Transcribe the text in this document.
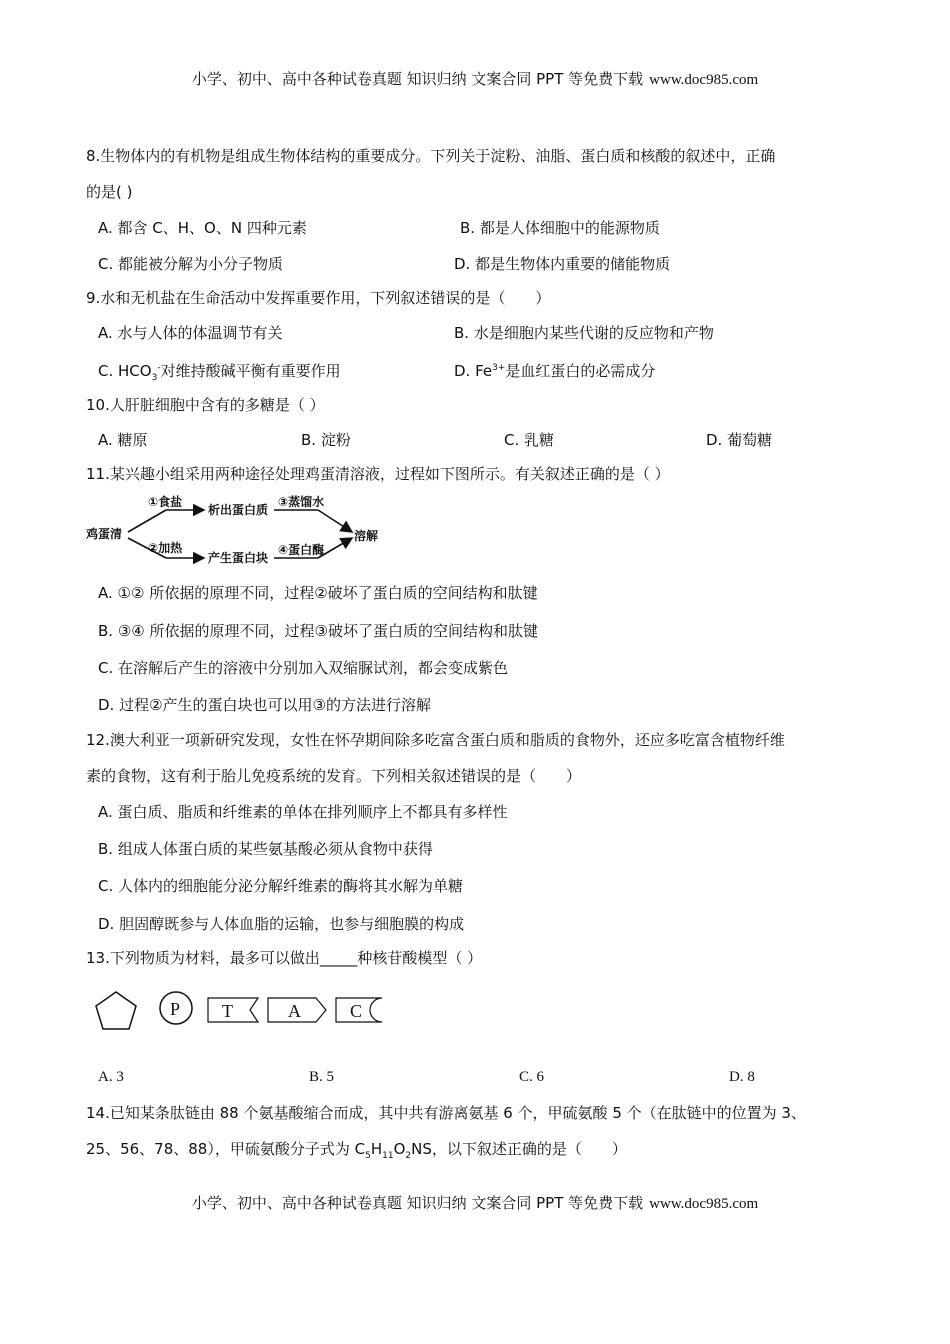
小学、初中、高中各种试卷真题 知识归纳 文案合同 PPT 等免费下载 www.doc985.com
8.生物体内的有机物是组成生物体结构的重要成分。下列关于淀粉、油脂、蛋白质和核酸的叙述中，正确
的是( )
A. 都含 C、H、O、N 四种元素	B. 都是人体细胞中的能源物质
C. 都能被分解为小分子物质	D. 都是生物体内重要的储能物质
9.水和无机盐在生命活动中发挥重要作用，下列叙述错误的是（　　）
A. 水与人体的体温调节有关	B. 水是细胞内某些代谢的反应物和产物
C. $HCO_3^-$对维持酸碱平衡有重要作用	D. $Fe^{3+}$是血红蛋白的必需成分
10.人肝脏细胞中含有的多糖是（ ）
A. 糖原	B. 淀粉	C. 乳糖	D. 葡萄糖
11.某兴趣小组采用两种途径处理鸡蛋清溶液，过程如下图所示。有关叙述正确的是（ ）
鸡蛋清
①食盐
析出蛋白质
③蒸馏水
②加热
产生蛋白块
④蛋白酶
溶解
A. ①② 所依据的原理不同，过程②破坏了蛋白质的空间结构和肽键
B. ③④ 所依据的原理不同，过程③破坏了蛋白质的空间结构和肽键
C. 在溶解后产生的溶液中分别加入双缩脲试剂，都会变成紫色
D. 过程②产生的蛋白块也可以用③的方法进行溶解
12.澳大利亚一项新研究发现，女性在怀孕期间除多吃富含蛋白质和脂质的食物外，还应多吃富含植物纤维
素的食物，这有利于胎儿免疫系统的发育。下列相关叙述错误的是（　　）
A. 蛋白质、脂质和纤维素的单体在排列顺序上不都具有多样性
B. 组成人体蛋白质的某些氨基酸必须从食物中获得
C. 人体内的细胞能分泌分解纤维素的酶将其水解为单糖
D. 胆固醇既参与人体血脂的运输，也参与细胞膜的构成
13.下列物质为材料，最多可以做出_____种核苷酸模型（ ）
P T	A	C
A. 3	B. 5	C. 6	D. 8
14.已知某条肽链由 88 个氨基酸缩合而成，其中共有游离氨基 6 个，甲硫氨酸 5 个（在肽链中的位置为 3、
25、56、78、88），甲硫氨酸分子式为 $C_5H_{11}O_2NS$，以下叙述正确的是（　　）
小学、初中、高中各种试卷真题 知识归纳 文案合同 PPT 等免费下载 www.doc985.com
